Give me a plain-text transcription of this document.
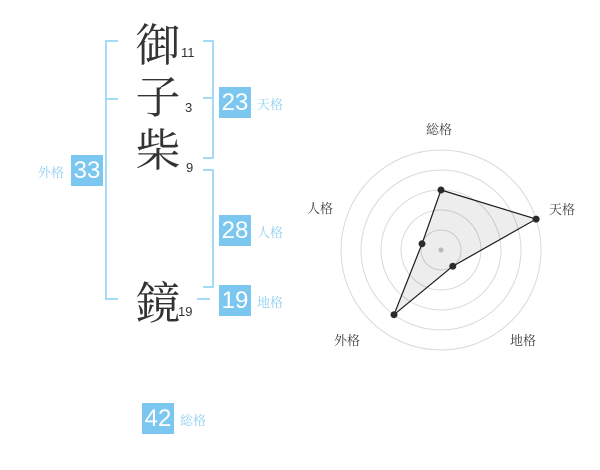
御 11
子 3
柴 9
鏡
19
外格 33
23 天格
28 人格
19 地格
42 総格
総格
天格
地格
外格
人格
